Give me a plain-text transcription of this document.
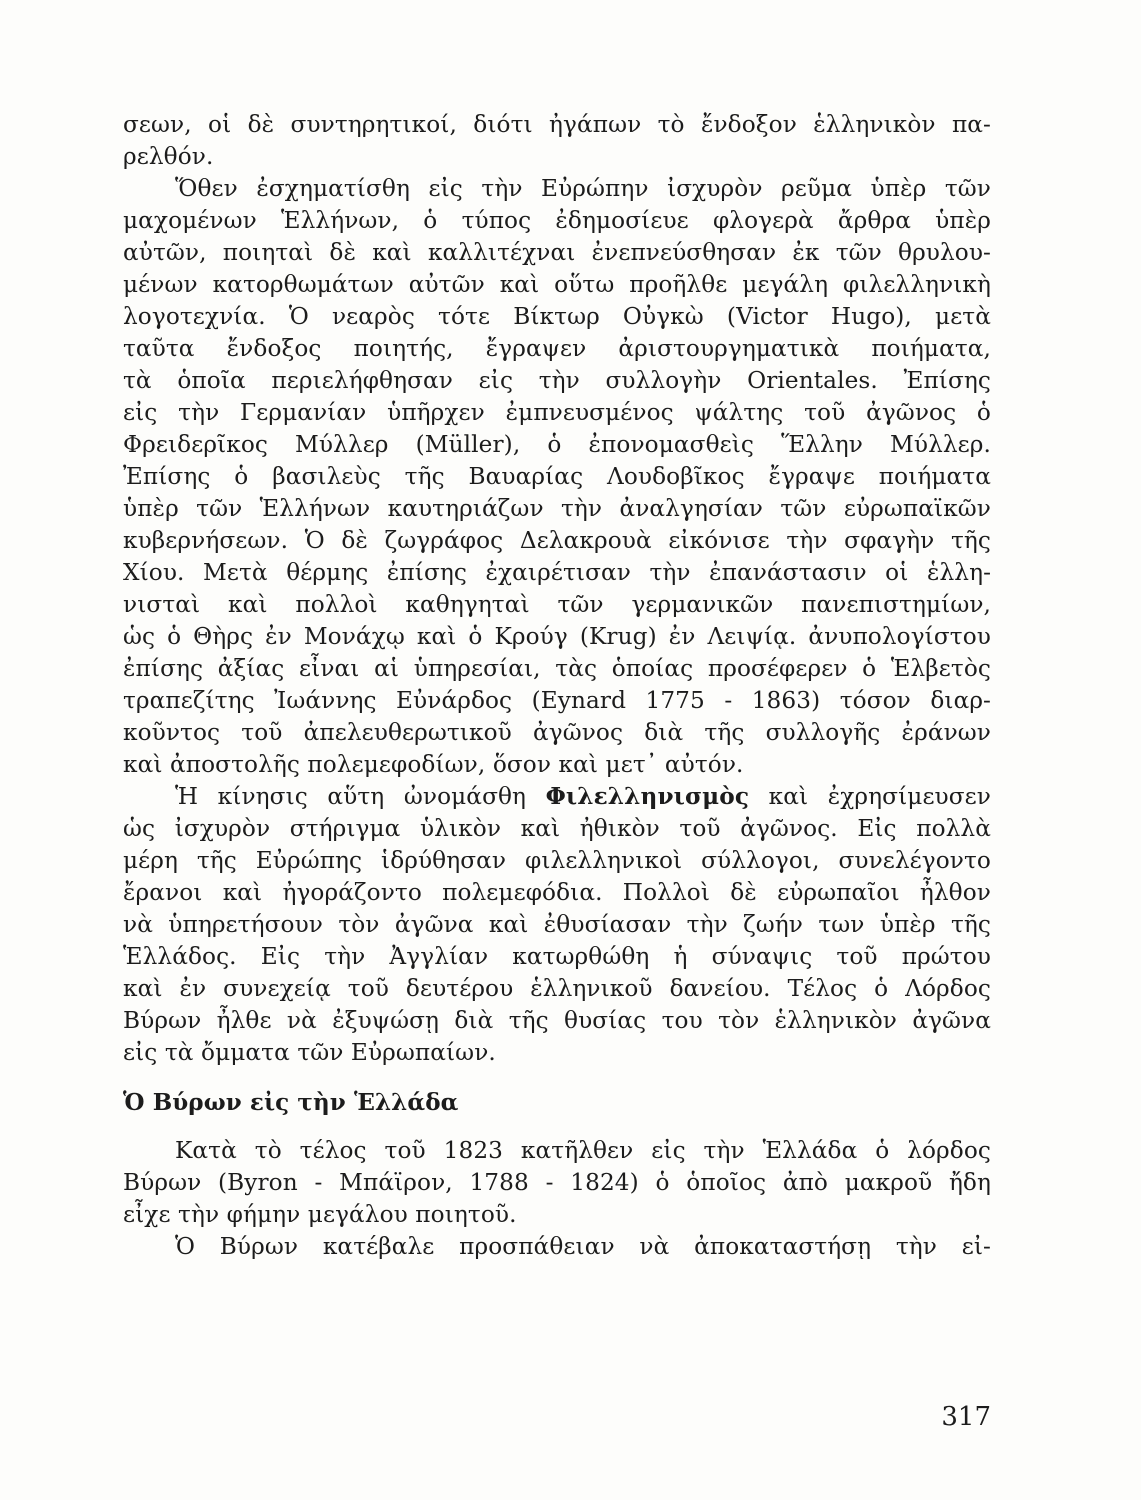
σεων, οἱ δὲ συντηρητικοί, διότι ἠγάπων τὸ ἔνδοξον ἑλληνικὸν πα-
ρελθόν.
Ὅθεν ἐσχηματίσθη εἰς τὴν Εὐρώπην ἰσχυρὸν ρεῦμα ὑπὲρ τῶν
μαχομένων Ἑλλήνων, ὁ τύπος ἐδημοσίευε φλογερὰ ἄρθρα ὑπὲρ
αὐτῶν, ποιηταὶ δὲ καὶ καλλιτέχναι ἐνεπνεύσθησαν ἐκ τῶν θρυλου-
μένων κατορθωμάτων αὐτῶν καὶ οὕτω προῆλθε μεγάλη φιλελληνικὴ
λογοτεχνία. Ὁ νεαρὸς τότε Βίκτωρ Οὐγκὼ (Victor Hugo), μετὰ
ταῦτα ἔνδοξος ποιητής, ἔγραψεν ἀριστουργηματικὰ ποιήματα,
τὰ ὁποῖα περιελήφθησαν εἰς τὴν συλλογὴν Orientales. Ἐπίσης
εἰς τὴν Γερμανίαν ὑπῆρχεν ἐμπνευσμένος ψάλτης τοῦ ἀγῶνος ὁ
Φρειδερῖκος Μύλλερ (Müller), ὁ ἐπονομασθεὶς Ἕλλην Μύλλερ.
Ἐπίσης ὁ βασιλεὺς τῆς Βαυαρίας Λουδοβῖκος ἔγραψε ποιήματα
ὑπὲρ τῶν Ἑλλήνων καυτηριάζων τὴν ἀναλγησίαν τῶν εὐρωπαϊκῶν
κυβερνήσεων. Ὁ δὲ ζωγράφος Δελακρουὰ εἰκόνισε τὴν σφαγὴν τῆς
Χίου. Μετὰ θέρμης ἐπίσης ἐχαιρέτισαν τὴν ἐπανάστασιν οἱ ἑλλη-
νισταὶ καὶ πολλοὶ καθηγηταὶ τῶν γερμανικῶν πανεπιστημίων,
ὡς ὁ Θὴρς ἐν Μονάχῳ καὶ ὁ Κρούγ (Krug) ἐν Λειψίᾳ. ἀνυπολογίστου
ἐπίσης ἀξίας εἶναι αἱ ὑπηρεσίαι, τὰς ὁποίας προσέφερεν ὁ Ἑλβετὸς
τραπεζίτης Ἰωάννης Εὐνάρδος (Eynard 1775 - 1863) τόσον διαρ-
κοῦντος τοῦ ἀπελευθερωτικοῦ ἀγῶνος διὰ τῆς συλλογῆς ἐράνων
καὶ ἀποστολῆς πολεμεφοδίων, ὅσον καὶ μετ᾽ αὐτόν.
Ἡ κίνησις αὕτη ὠνομάσθη Φιλελληνισμὸς καὶ ἐχρησίμευσεν
ὡς ἰσχυρὸν στήριγμα ὑλικὸν καὶ ἠθικὸν τοῦ ἀγῶνος. Εἰς πολλὰ
μέρη τῆς Εὐρώπης ἱδρύθησαν φιλελληνικοὶ σύλλογοι, συνελέγοντο
ἔρανοι καὶ ἠγοράζοντο πολεμεφόδια. Πολλοὶ δὲ εὐρωπαῖοι ἦλθον
νὰ ὑπηρετήσουν τὸν ἀγῶνα καὶ ἐθυσίασαν τὴν ζωήν των ὑπὲρ τῆς
Ἑλλάδος. Εἰς τὴν Ἀγγλίαν κατωρθώθη ἡ σύναψις τοῦ πρώτου
καὶ ἐν συνεχείᾳ τοῦ δευτέρου ἑλληνικοῦ δανείου. Τέλος ὁ Λόρδος
Βύρων ἦλθε νὰ ἐξυψώσῃ διὰ τῆς θυσίας του τὸν ἑλληνικὸν ἀγῶνα
εἰς τὰ ὄμματα τῶν Εὐρωπαίων.
Ὁ Βύρων εἰς τὴν Ἑλλάδα
Κατὰ τὸ τέλος τοῦ 1823 κατῆλθεν εἰς τὴν Ἑλλάδα ὁ λόρδος
Βύρων (Byron - Μπάϊρον, 1788 - 1824) ὁ ὁποῖος ἀπὸ μακροῦ ἤδη
εἶχε τὴν φήμην μεγάλου ποιητοῦ.
Ὁ Βύρων κατέβαλε προσπάθειαν νὰ ἀποκαταστήσῃ τὴν εἰ-
317
